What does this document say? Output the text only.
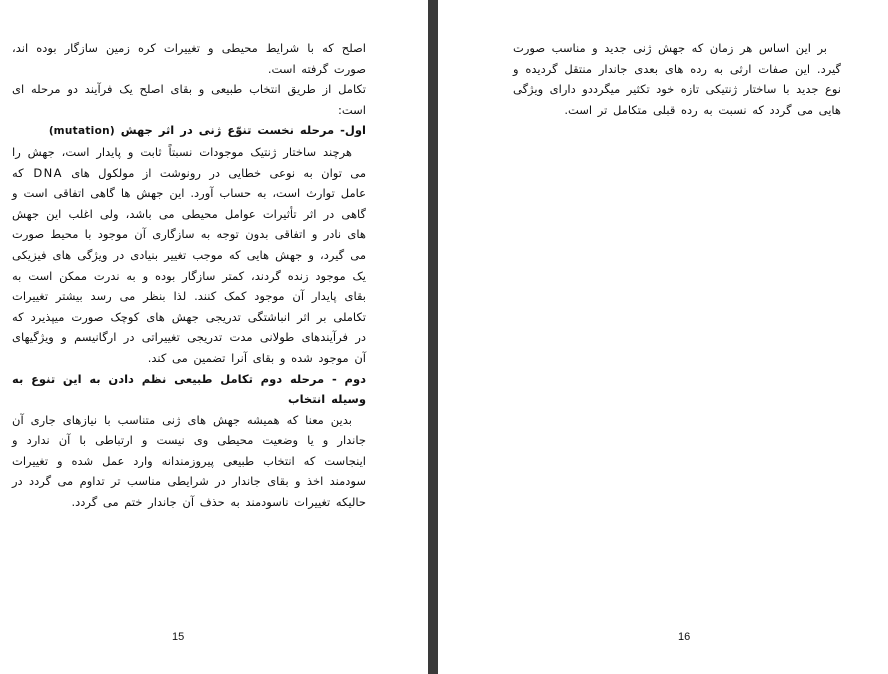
اصلح که با شرایط محیطی و تغییرات کره زمین سازگار بوده اند، صورت گرفته است.

تکامل از طریق انتخاب طبیعی و بقای اصلح یک فرآیند دو مرحله ای است:

اول- مرحله نخست تنوّع ژنی در اثر جهش (mutation)

هرچند ساختار ژنتیک موجودات نسبتاً ثابت و پایدار است، جهش را می توان به نوعی خطایی در رونوشت از مولکول های DNA که عامل توارث است، به حساب آورد. این جهش ها گاهی اتفاقی است و گاهی در اثر تأثیرات عوامل محیطی می باشد، ولی اغلب این جهش های نادر و اتفاقی بدون توجه به سازگاری آن موجود با محیط صورت می گیرد، و جهش هایی که موجب تغییر بنیادی در ویژگی های فیزیکی یک موجود زنده گردند، کمتر سازگار بوده و به ندرت ممکن است به بقای پایدار آن موجود کمک کنند. لذا بنظر می رسد بیشتر تغییرات تکاملی بر اثر انباشتگی تدریجی جهش های کوچک صورت میپذیرد که در فرآیندهای طولانی مدت تدریجی تغییراتی در ارگانیسم و ویژگیهای آن موجود شده و بقای آنرا تضمین می کند.

دوم - مرحله دوم تکامل طبیعی نظم دادن به این تنوع به وسیله انتخاب

بدین معنا که همیشه جهش های ژنی متناسب با نیازهای جاری آن جاندار و یا وضعیت محیطی وی نیست و ارتباطی با آن ندارد و اینجاست که انتخاب طبیعی پیروزمندانه وارد عمل شده و تغییرات سودمند اخذ و بقای جاندار در شرایطی مناسب تر تداوم می گردد در حالیکه تغییرات ناسودمند به حذف آن جاندار ختم می گردد.

15

بر این اساس هر زمان که جهش ژنی جدید و مناسب صورت گیرد. این صفات ارثی به رده های بعدی جاندار منتقل گردیده و نوع جدید با ساختار ژنتیکی تازه خود تکثیر میگرددو دارای ویژگی هایی می گردد که نسبت به رده قبلی متکامل تر است.

16
